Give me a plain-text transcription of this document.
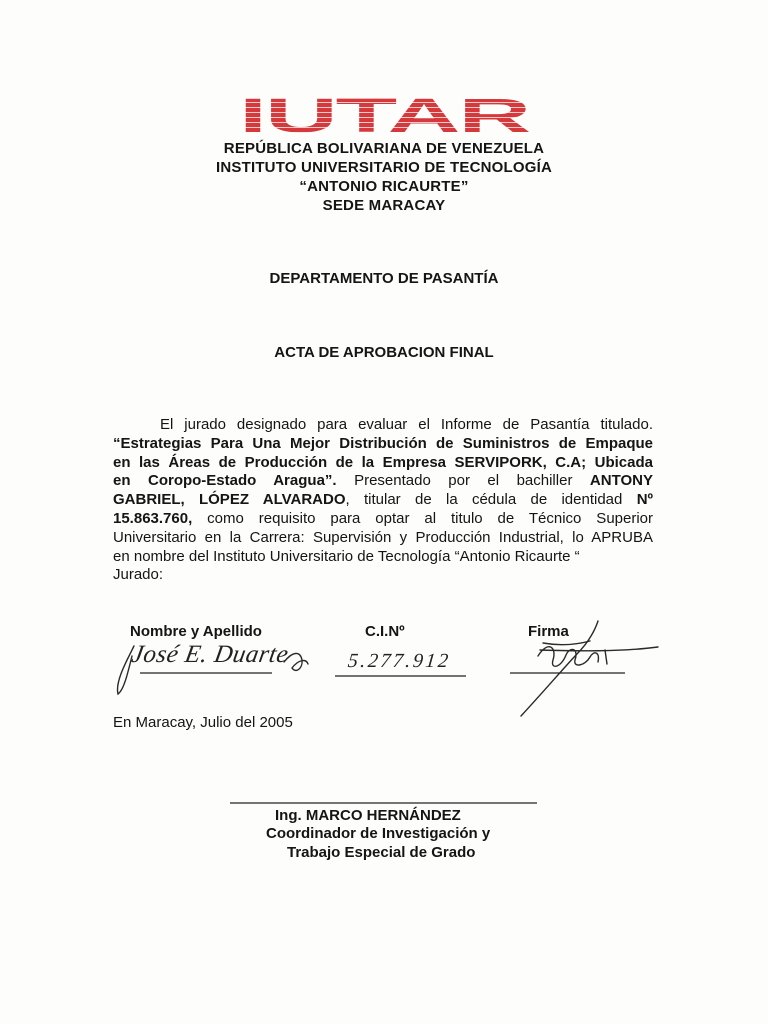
IUTAR
REPÚBLICA BOLIVARIANA DE VENEZUELA
INSTITUTO UNIVERSITARIO DE TECNOLOGÍA
“ANTONIO RICAURTE”
SEDE MARACAY
DEPARTAMENTO DE PASANTÍA
ACTA DE APROBACION FINAL
El jurado designado para evaluar el Informe de Pasantía titulado.
“Estrategias Para Una Mejor Distribución de Suministros de Empaque
en las Áreas de Producción de la Empresa SERVIPORK, C.A; Ubicada
en Coropo-Estado Aragua”. Presentado por el bachiller ANTONY
GABRIEL, LÓPEZ ALVARADO, titular de la cédula de identidad Nº
15.863.760, como requisito para optar al titulo de Técnico Superior
Universitario en la Carrera: Supervisión y Producción Industrial, lo APRUBA
en nombre del Instituto Universitario de Tecnología “Antonio Ricaurte “
Jurado:
Nombre y Apellido	C.I.Nº	Firma
José E. Duarte	5.277.912
En Maracay, Julio del 2005
Ing. MARCO HERNÁNDEZ
Coordinador de Investigación y
Trabajo Especial de Grado
